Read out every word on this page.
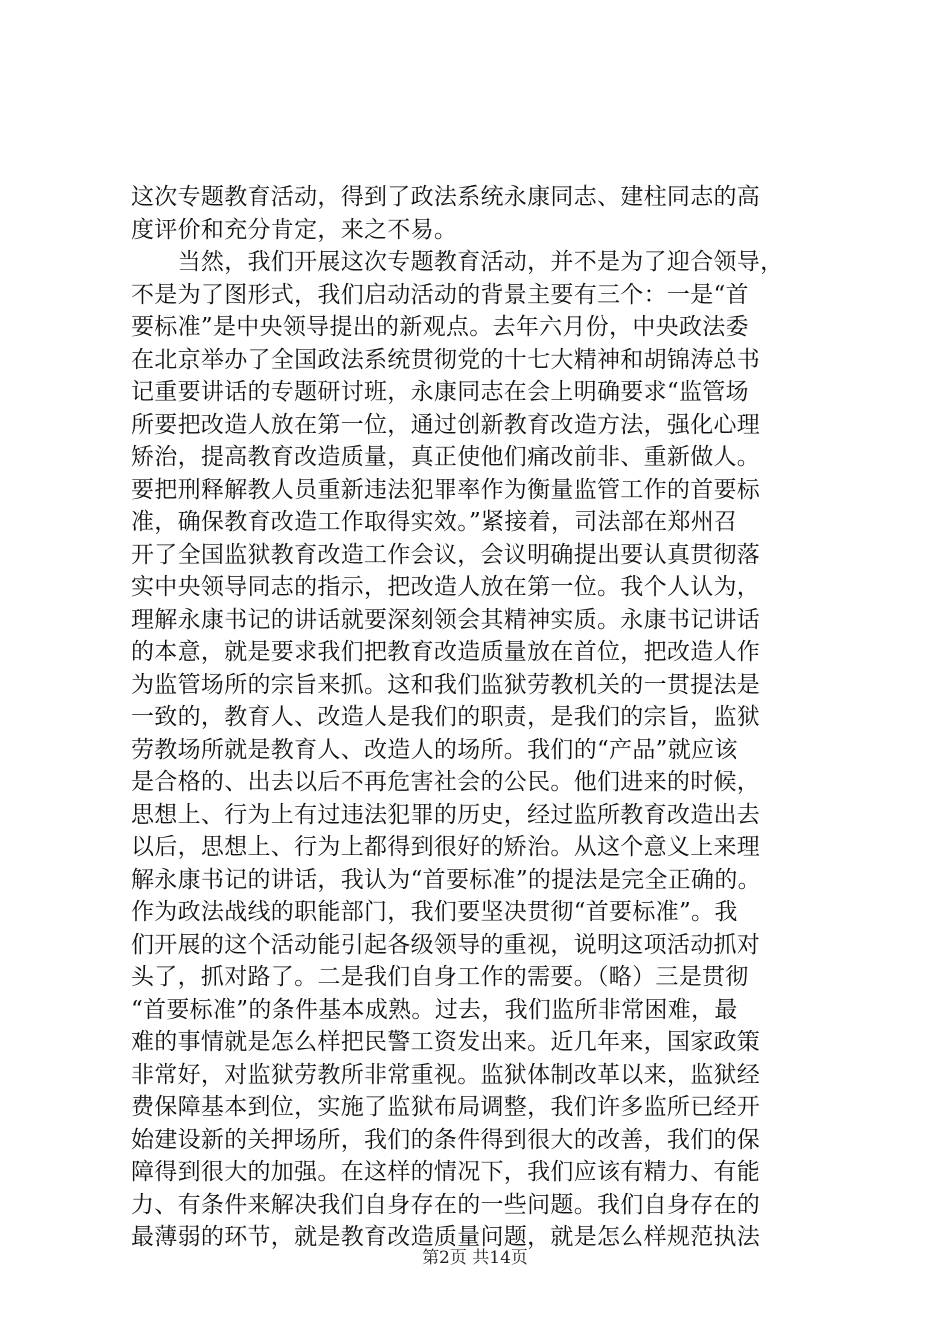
这次专题教育活动，得到了政法系统永康同志、建柱同志的高
度评价和充分肯定，来之不易。
　　当然，我们开展这次专题教育活动，并不是为了迎合领导，
不是为了图形式，我们启动活动的背景主要有三个：一是“首
要标准”是中央领导提出的新观点。去年六月份，中央政法委
在北京举办了全国政法系统贯彻党的十七大精神和胡锦涛总书
记重要讲话的专题研讨班，永康同志在会上明确要求“监管场
所要把改造人放在第一位，通过创新教育改造方法，强化心理
矫治，提高教育改造质量，真正使他们痛改前非、重新做人。
要把刑释解教人员重新违法犯罪率作为衡量监管工作的首要标
准，确保教育改造工作取得实效。”紧接着，司法部在郑州召
开了全国监狱教育改造工作会议，会议明确提出要认真贯彻落
实中央领导同志的指示，把改造人放在第一位。我个人认为，
理解永康书记的讲话就要深刻领会其精神实质。永康书记讲话
的本意，就是要求我们把教育改造质量放在首位，把改造人作
为监管场所的宗旨来抓。这和我们监狱劳教机关的一贯提法是
一致的，教育人、改造人是我们的职责，是我们的宗旨，监狱
劳教场所就是教育人、改造人的场所。我们的“产品”就应该
是合格的、出去以后不再危害社会的公民。他们进来的时候，
思想上、行为上有过违法犯罪的历史，经过监所教育改造出去
以后，思想上、行为上都得到很好的矫治。从这个意义上来理
解永康书记的讲话，我认为“首要标准”的提法是完全正确的。
作为政法战线的职能部门，我们要坚决贯彻“首要标准”。我
们开展的这个活动能引起各级领导的重视，说明这项活动抓对
头了，抓对路了。二是我们自身工作的需要。（略）三是贯彻
“首要标准”的条件基本成熟。过去，我们监所非常困难，最
难的事情就是怎么样把民警工资发出来。近几年来，国家政策
非常好，对监狱劳教所非常重视。监狱体制改革以来，监狱经
费保障基本到位，实施了监狱布局调整，我们许多监所已经开
始建设新的关押场所，我们的条件得到很大的改善，我们的保
障得到很大的加强。在这样的情况下，我们应该有精力、有能
力、有条件来解决我们自身存在的一些问题。我们自身存在的
最薄弱的环节，就是教育改造质量问题，就是怎么样规范执法
第2页 共14页
